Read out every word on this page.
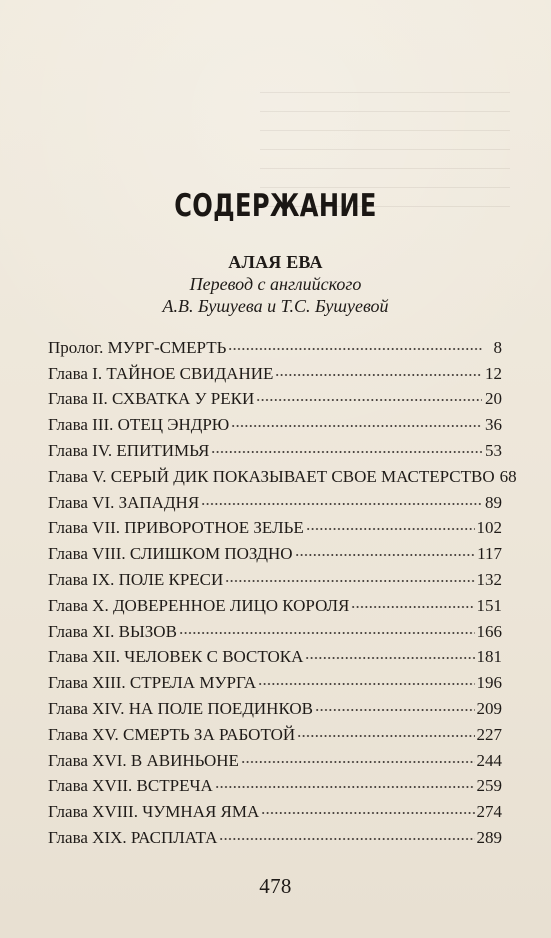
СОДЕРЖАНИЕ
АЛАЯ ЕВА
Перевод с английского
А.В. Бушуева и Т.С. Бушуевой
Пролог. МУРГ-СМЕРТЬ	8
Глава I. ТАЙНОЕ СВИДАНИЕ	12
Глава II. СХВАТКА У РЕКИ	20
Глава III. ОТЕЦ ЭНДРЮ	36
Глава IV. ЕПИТИМЬЯ	53
Глава V. СЕРЫЙ ДИК ПОКАЗЫВАЕТ СВОЕ МАСТЕРСТВО 68
Глава VI. ЗАПАДНЯ	89
Глава VII. ПРИВОРОТНОЕ ЗЕЛЬЕ	102
Глава VIII. СЛИШКОМ ПОЗДНО	117
Глава IX. ПОЛЕ КРЕСИ	132
Глава X. ДОВЕРЕННОЕ ЛИЦО КОРОЛЯ	151
Глава XI. ВЫЗОВ	166
Глава XII. ЧЕЛОВЕК С ВОСТОКА	181
Глава XIII. СТРЕЛА МУРГА	196
Глава XIV. НА ПОЛЕ ПОЕДИНКОВ	209
Глава XV. СМЕРТЬ ЗА РАБОТОЙ	227
Глава XVI. В АВИНЬОНЕ	244
Глава XVII. ВСТРЕЧА	259
Глава XVIII. ЧУМНАЯ ЯМА	274
Глава XIX. РАСПЛАТА	289
478
